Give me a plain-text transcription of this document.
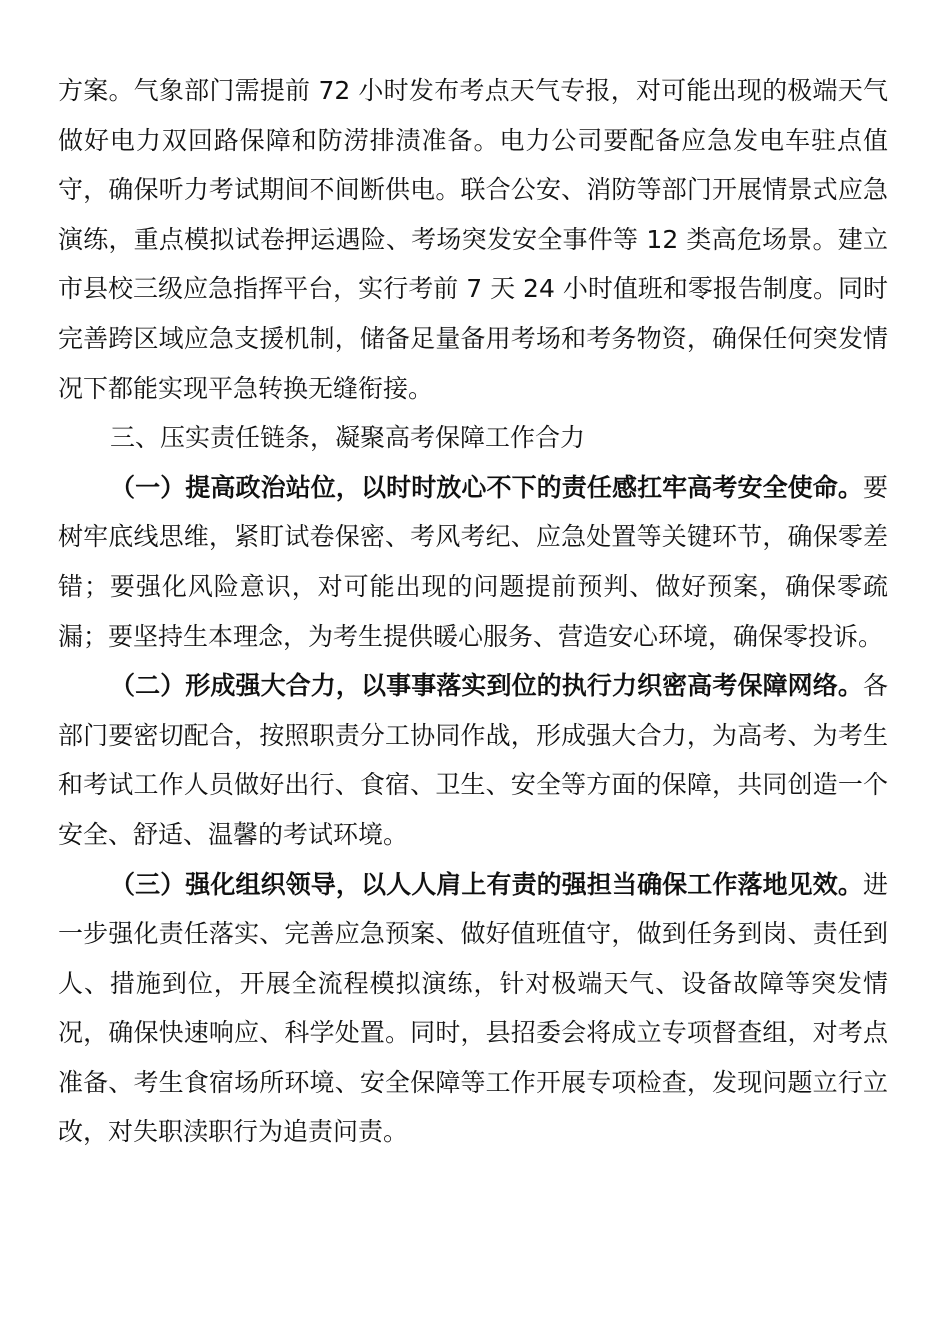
方案。气象部门需提前 72 小时发布考点天气专报，对可能出现的极端天气做好电力双回路保障和防涝排渍准备。电力公司要配备应急发电车驻点值守，确保听力考试期间不间断供电。联合公安、消防等部门开展情景式应急演练，重点模拟试卷押运遇险、考场突发安全事件等 12 类高危场景。建立市县校三级应急指挥平台，实行考前 7 天 24 小时值班和零报告制度。同时完善跨区域应急支援机制，储备足量备用考场和考务物资，确保任何突发情况下都能实现平急转换无缝衔接。

三、压实责任链条，凝聚高考保障工作合力

（一）提高政治站位，以时时放心不下的责任感扛牢高考安全使命。要树牢底线思维，紧盯试卷保密、考风考纪、应急处置等关键环节，确保零差错；要强化风险意识，对可能出现的问题提前预判、做好预案，确保零疏漏；要坚持生本理念，为考生提供暖心服务、营造安心环境，确保零投诉。

（二）形成强大合力，以事事落实到位的执行力织密高考保障网络。各部门要密切配合，按照职责分工协同作战，形成强大合力，为高考、为考生和考试工作人员做好出行、食宿、卫生、安全等方面的保障，共同创造一个安全、舒适、温馨的考试环境。

（三）强化组织领导，以人人肩上有责的强担当确保工作落地见效。进一步强化责任落实、完善应急预案、做好值班值守，做到任务到岗、责任到人、措施到位，开展全流程模拟演练，针对极端天气、设备故障等突发情况，确保快速响应、科学处置。同时，县招委会将成立专项督查组，对考点准备、考生食宿场所环境、安全保障等工作开展专项检查，发现问题立行立改，对失职渎职行为追责问责。
